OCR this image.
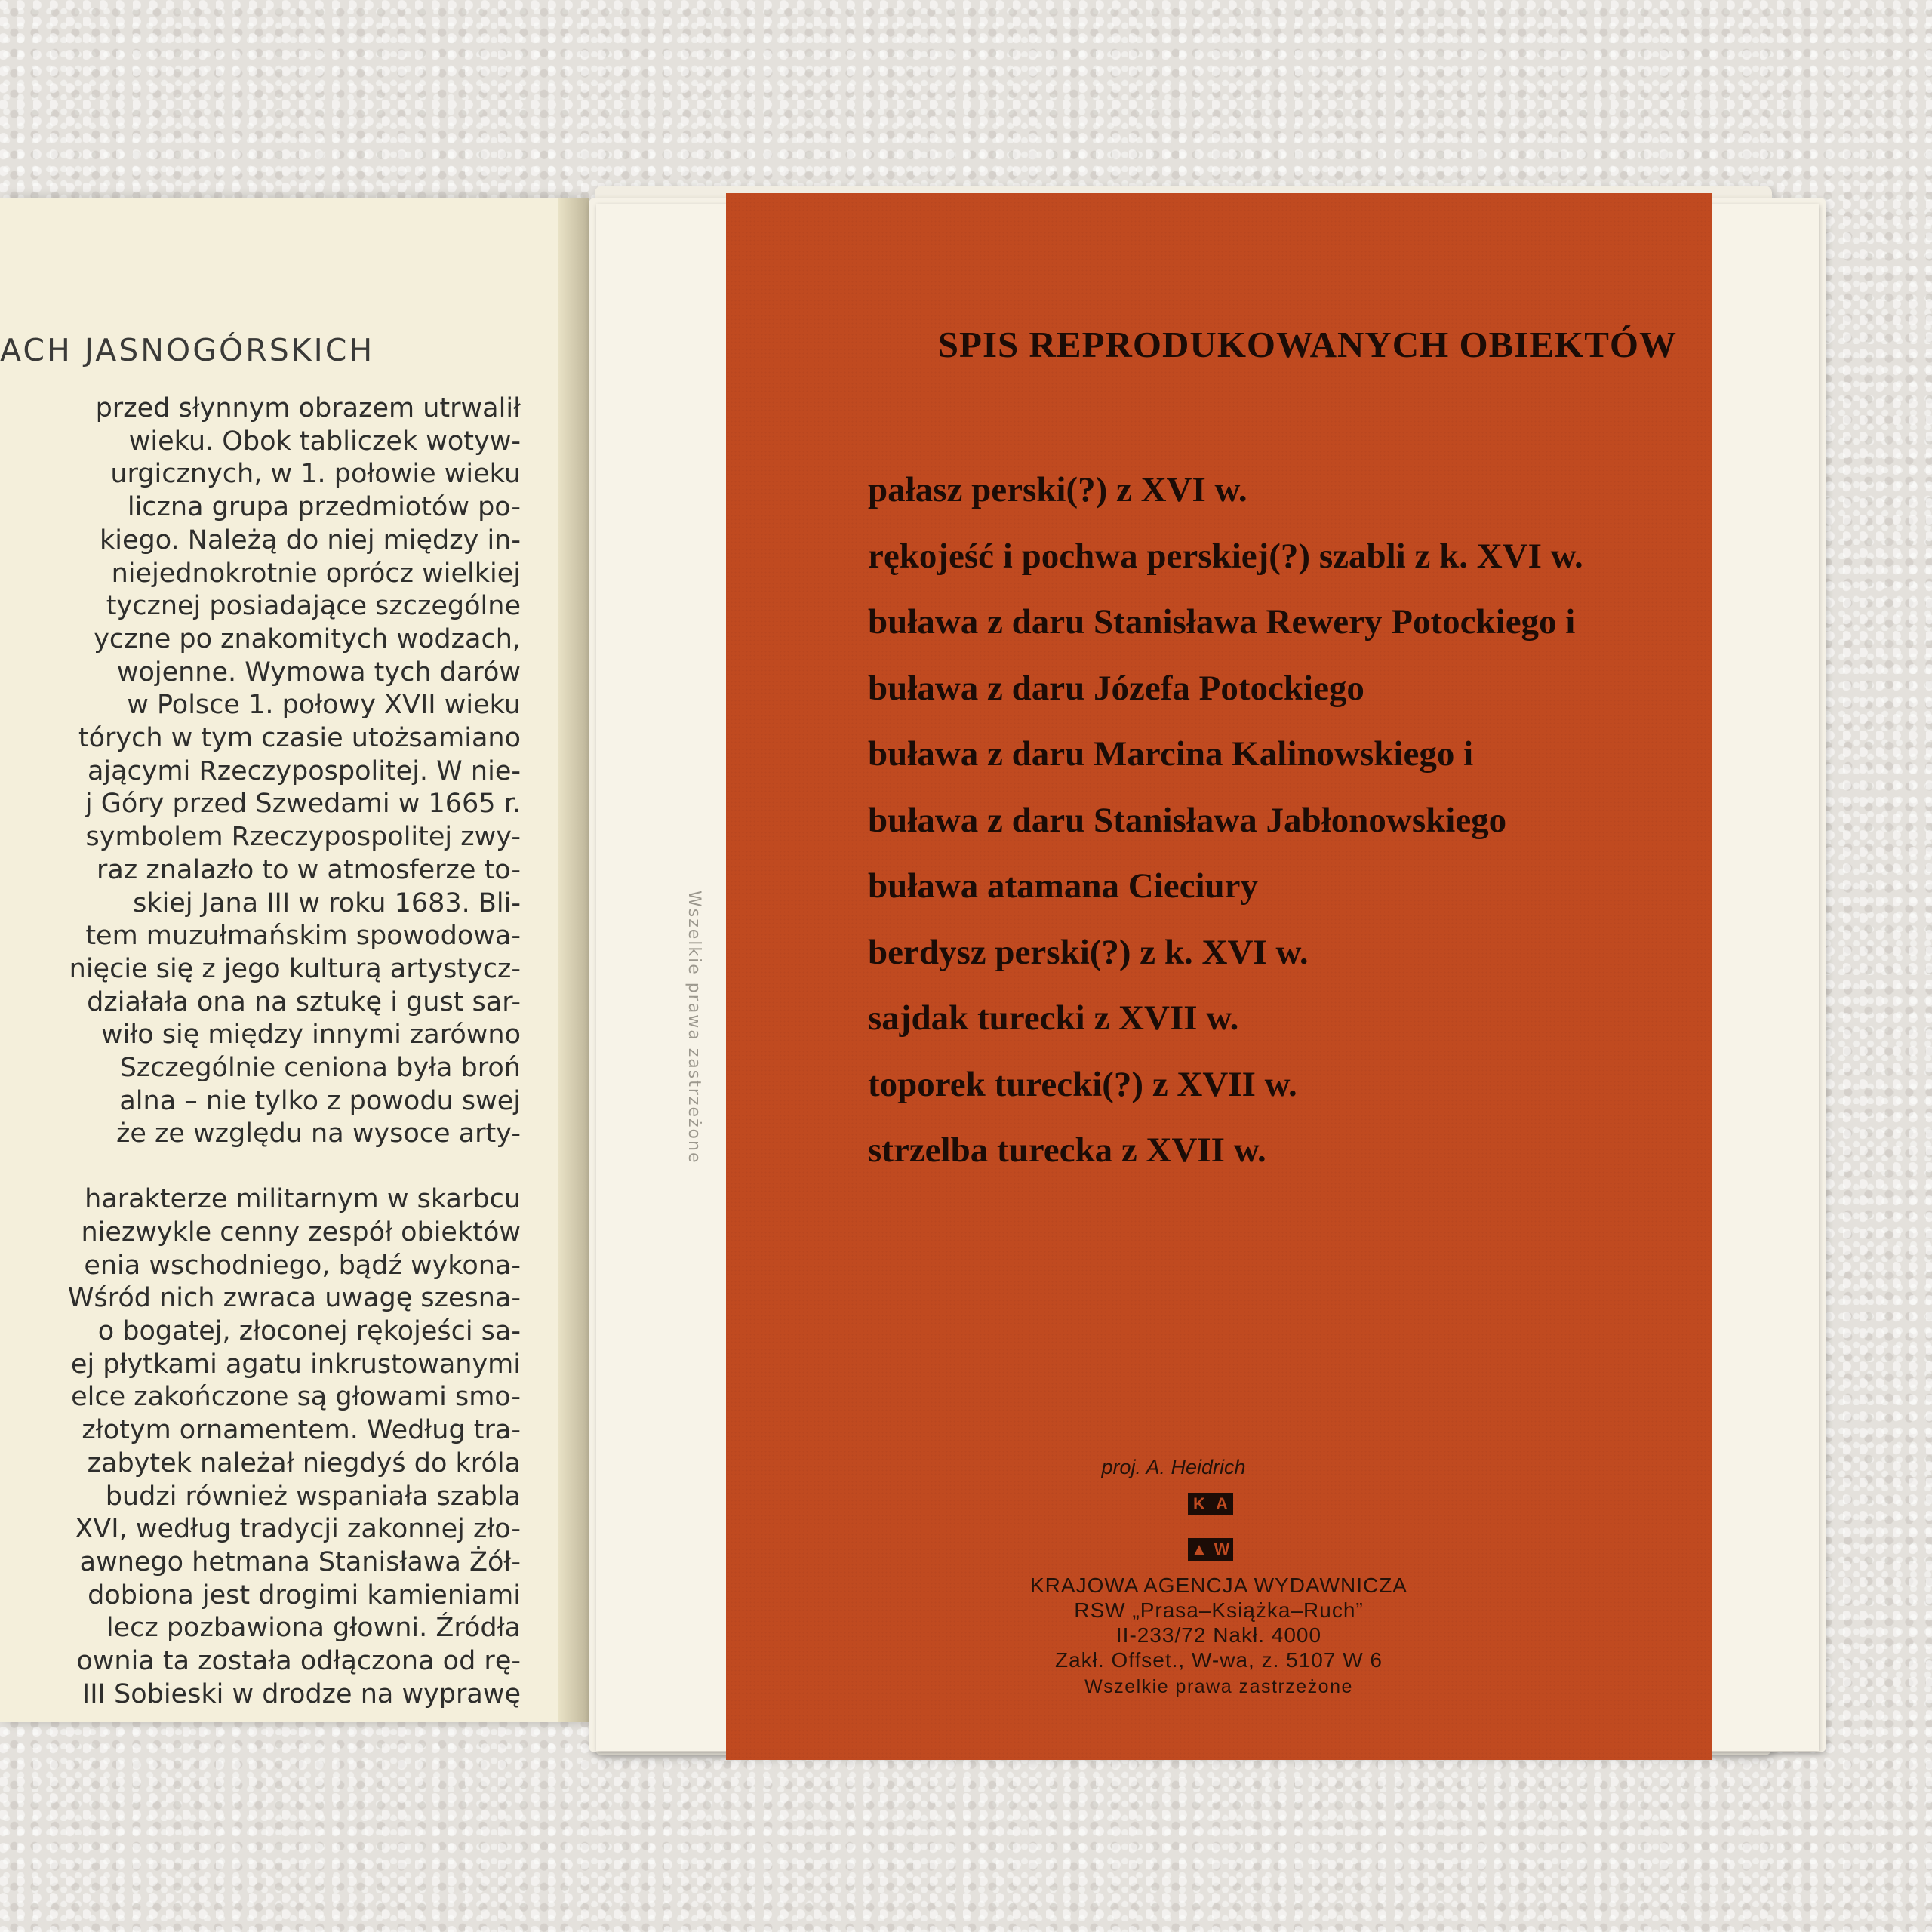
ACH JASNOGÓRSKICH
przed słynnym obrazem utrwalił
wieku. Obok tabliczek wotyw-
urgicznych, w 1. połowie wieku
liczna grupa przedmiotów po-
kiego. Należą do niej między in-
niejednokrotnie oprócz wielkiej
tycznej posiadające szczególne
yczne po znakomitych wodzach,
wojenne. Wymowa tych darów
w Polsce 1. połowy XVII wieku
tórych w tym czasie utożsamiano
ającymi Rzeczypospolitej. W nie-
j Góry przed Szwedami w 1665 r.
symbolem Rzeczypospolitej zwy-
raz znalazło to w atmosferze to-
skiej Jana III w roku 1683. Bli-
tem muzułmańskim spowodowa-
nięcie się z jego kulturą artystycz-
działała ona na sztukę i gust sar-
wiło się między innymi zarówno
Szczególnie ceniona była broń
alna – nie tylko z powodu swej
że ze względu na wysoce arty-
harakterze militarnym w skarbcu
niezwykle cenny zespół obiektów
enia wschodniego, bądź wykona-
Wśród nich zwraca uwagę szesna-
o bogatej, złoconej rękojeści sa-
ej płytkami agatu inkrustowanymi
elce zakończone są głowami smo-
złotym ornamentem. Według tra-
zabytek należał niegdyś do króla
budzi również wspaniała szabla
XVI, według tradycji zakonnej zło-
awnego hetmana Stanisława Żół-
dobiona jest drogimi kamieniami
lecz pozbawiona głowni. Źródła
ownia ta została odłączona od rę-
III Sobieski w drodze na wyprawę
Wszelkie prawa zastrzeżone
SPIS REPRODUKOWANYCH OBIEKTÓW
pałasz perski(?) z XVI w.
rękojeść i pochwa perskiej(?) szabli z k. XVI w.
buława z daru Stanisława Rewery Potockiego i
buława z daru Józefa Potockiego
buława z daru Marcina Kalinowskiego i
buława z daru Stanisława Jabłonowskiego
buława atamana Cieciury
berdysz perski(?) z k. XVI w.
sajdak turecki z XVII w.
toporek turecki(?) z XVII w.
strzelba turecka z XVII w.
proj. A. Heidrich
K A
▲ W
KRAJOWA AGENCJA WYDAWNICZA
RSW „Prasa–Książka–Ruch”
II-233/72 Nakł. 4000
Zakł. Offset., W-wa, z. 5107 W 6
Wszelkie prawa zastrzeżone
